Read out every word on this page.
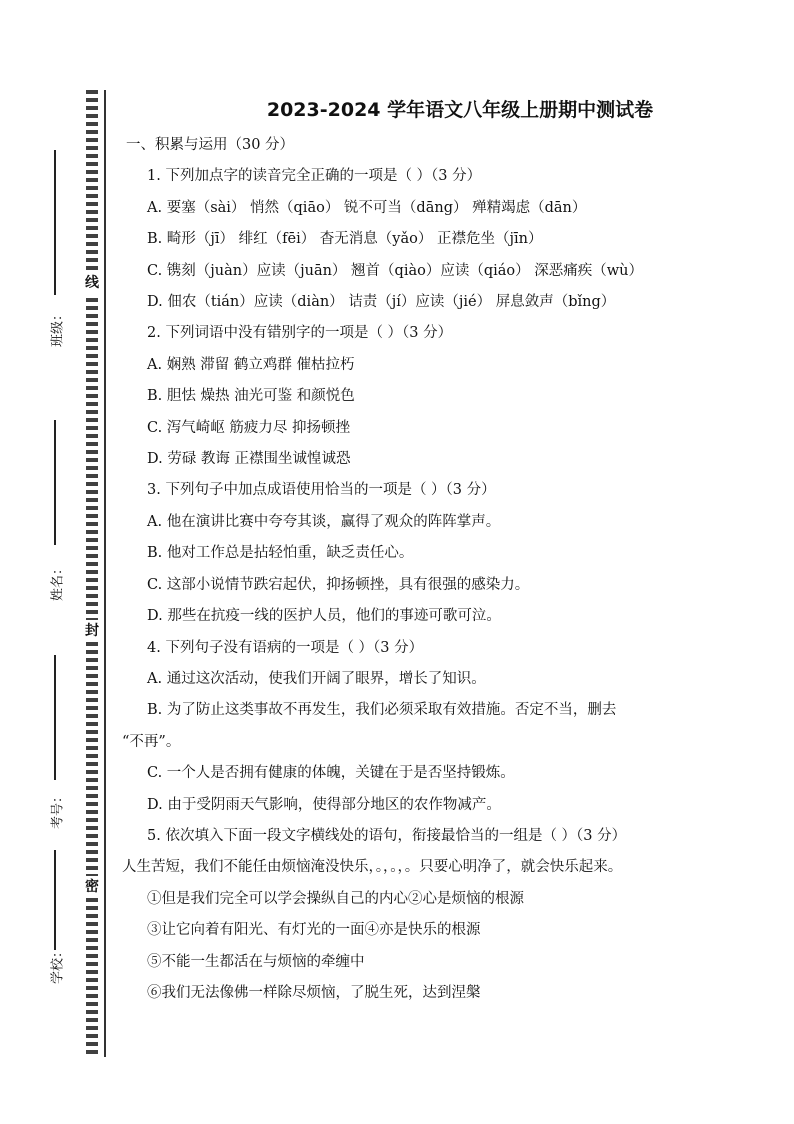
线
封
密
班级：
姓名：
考号：
学校：
2023-2024 学年语文八年级上册期中测试卷
一、积累与运用（30 分）
1. 下列加点字的读音完全正确的一项是（ ）（3 分）
A. 要塞（sài） 悄然（qiāo） 锐不可当（dāng） 殚精竭虑（dān）
B. 畸形（jī） 绯红（fēi） 杳无消息（yǎo） 正襟危坐（jīn）
C. 镌刻（juàn）应读（juān） 翘首（qiào）应读（qiáo） 深恶痛疾（wù）
D. 佃农（tián）应读（diàn） 诘责（jí）应读（jié） 屏息敛声（bǐng）
2. 下列词语中没有错别字的一项是（ ）（3 分）
A. 娴熟 滞留 鹤立鸡群 催枯拉朽
B. 胆怯 燥热 油光可鉴 和颜悦色
C. 泻气崎岖 筋疲力尽 抑扬顿挫
D. 劳碌 教诲 正襟围坐诚惶诚恐
3. 下列句子中加点成语使用恰当的一项是（ ）（3 分）
A. 他在演讲比赛中夸夸其谈，赢得了观众的阵阵掌声。
B. 他对工作总是拈轻怕重，缺乏责任心。
C. 这部小说情节跌宕起伏，抑扬顿挫，具有很强的感染力。
D. 那些在抗疫一线的医护人员，他们的事迹可歌可泣。
4. 下列句子没有语病的一项是（ ）（3 分）
A. 通过这次活动，使我们开阔了眼界，增长了知识。
B. 为了防止这类事故不再发生，我们必须采取有效措施。否定不当，删去
“不再”。
C. 一个人是否拥有健康的体魄，关键在于是否坚持锻炼。
D. 由于受阴雨天气影响，使得部分地区的农作物减产。
5. 依次填入下面一段文字横线处的语句，衔接最恰当的一组是（ ）（3 分）
人生苦短，我们不能任由烦恼淹没快乐，。，。，。只要心明净了，就会快乐起来。
①但是我们完全可以学会操纵自己的内心②心是烦恼的根源
③让它向着有阳光、有灯光的一面④亦是快乐的根源
⑤不能一生都活在与烦恼的牵缠中
⑥我们无法像佛一样除尽烦恼，了脱生死，达到涅槃
